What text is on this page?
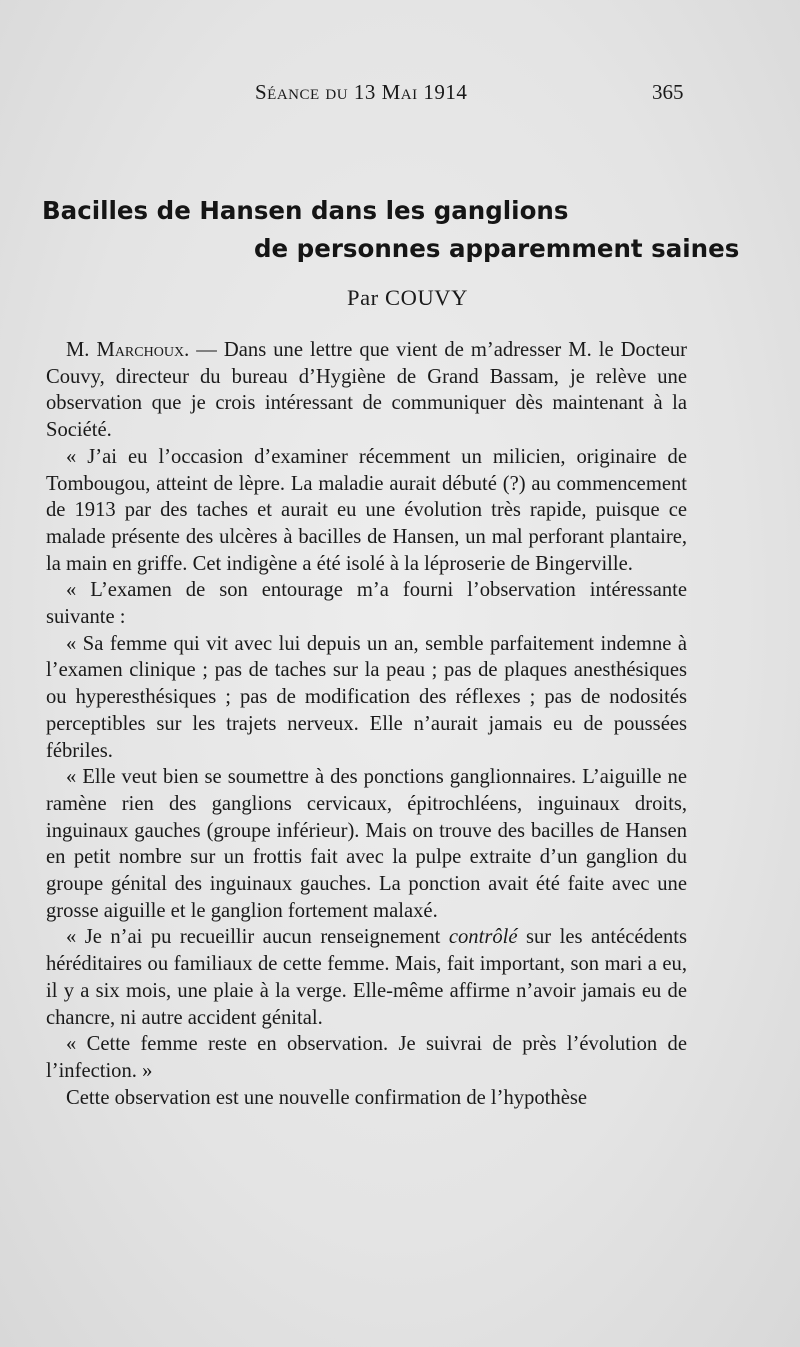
Séance du 13 Mai 1914	365
Bacilles de Hansen dans les ganglions
de personnes apparemment saines
Par COUVY

M. Marchoux. — Dans une lettre que vient de m’adresser M. le Docteur Couvy, directeur du bureau d’Hygiène de Grand Bassam, je relève une observation que je crois intéressant de communiquer dès maintenant à la Société.

« J’ai eu l’occasion d’examiner récemment un milicien, originaire de Tombougou, atteint de lèpre. La maladie aurait débuté (?) au commencement de 1913 par des taches et aurait eu une évolution très rapide, puisque ce malade présente des ulcères à bacilles de Hansen, un mal perforant plantaire, la main en griffe. Cet indigène a été isolé à la léproserie de Bingerville.

« L’examen de son entourage m’a fourni l’observation intéressante suivante :

« Sa femme qui vit avec lui depuis un an, semble parfaitement indemne à l’examen clinique ; pas de taches sur la peau ; pas de plaques anesthésiques ou hyperesthésiques ; pas de modification des réflexes ; pas de nodosités perceptibles sur les trajets nerveux. Elle n’aurait jamais eu de poussées fébriles.

« Elle veut bien se soumettre à des ponctions ganglionnaires. L’aiguille ne ramène rien des ganglions cervicaux, épitrochléens, inguinaux droits, inguinaux gauches (groupe inférieur). Mais on trouve des bacilles de Hansen en petit nombre sur un frottis fait avec la pulpe extraite d’un ganglion du groupe génital des inguinaux gauches. La ponction avait été faite avec une grosse aiguille et le ganglion fortement malaxé.

« Je n’ai pu recueillir aucun renseignement contrôlé sur les antécédents héréditaires ou familiaux de cette femme. Mais, fait important, son mari a eu, il y a six mois, une plaie à la verge. Elle-même affirme n’avoir jamais eu de chancre, ni autre accident génital.

« Cette femme reste en observation. Je suivrai de près l’évolution de l’infection. »

Cette observation est une nouvelle confirmation de l’hypothèse
